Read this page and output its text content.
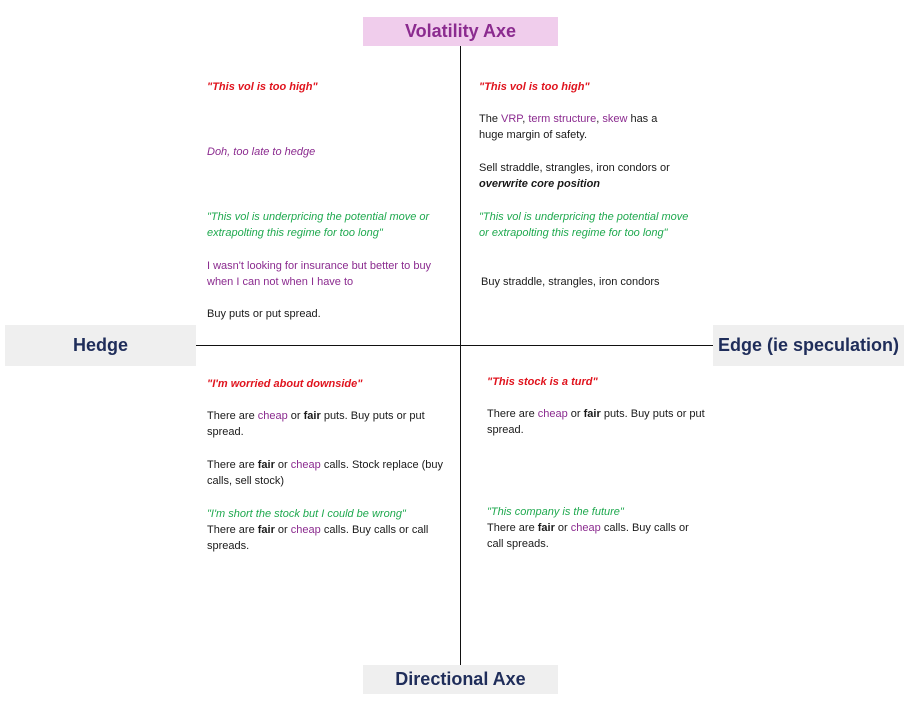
Volatility Axe
Directional Axe
Hedge	Edge (ie speculation)
"This vol is too high"
Doh, too late to hedge
"This vol is underpricing the potential move or extrapolting this regime for too long"
I wasn't looking for insurance but better to buy when I can not when I have to
Buy puts or put spread.
"This vol is too high"
The VRP, term structure, skew has a huge margin of safety.
Sell straddle, strangles, iron condors or overwrite core position
"This vol is underpricing the potential move or extrapolting this regime for too long"
Buy straddle, strangles, iron condors
"I'm worried about downside"
There are cheap or fair puts. Buy puts or put spread.
There are fair or cheap calls. Stock replace (buy calls, sell stock)
"I'm short the stock but I could be wrong"
There are fair or cheap calls. Buy calls or call spreads.
"This stock is a turd"
There are cheap or fair puts. Buy puts or put spread.
"This company is the future"
There are fair or cheap calls. Buy calls or call spreads.
